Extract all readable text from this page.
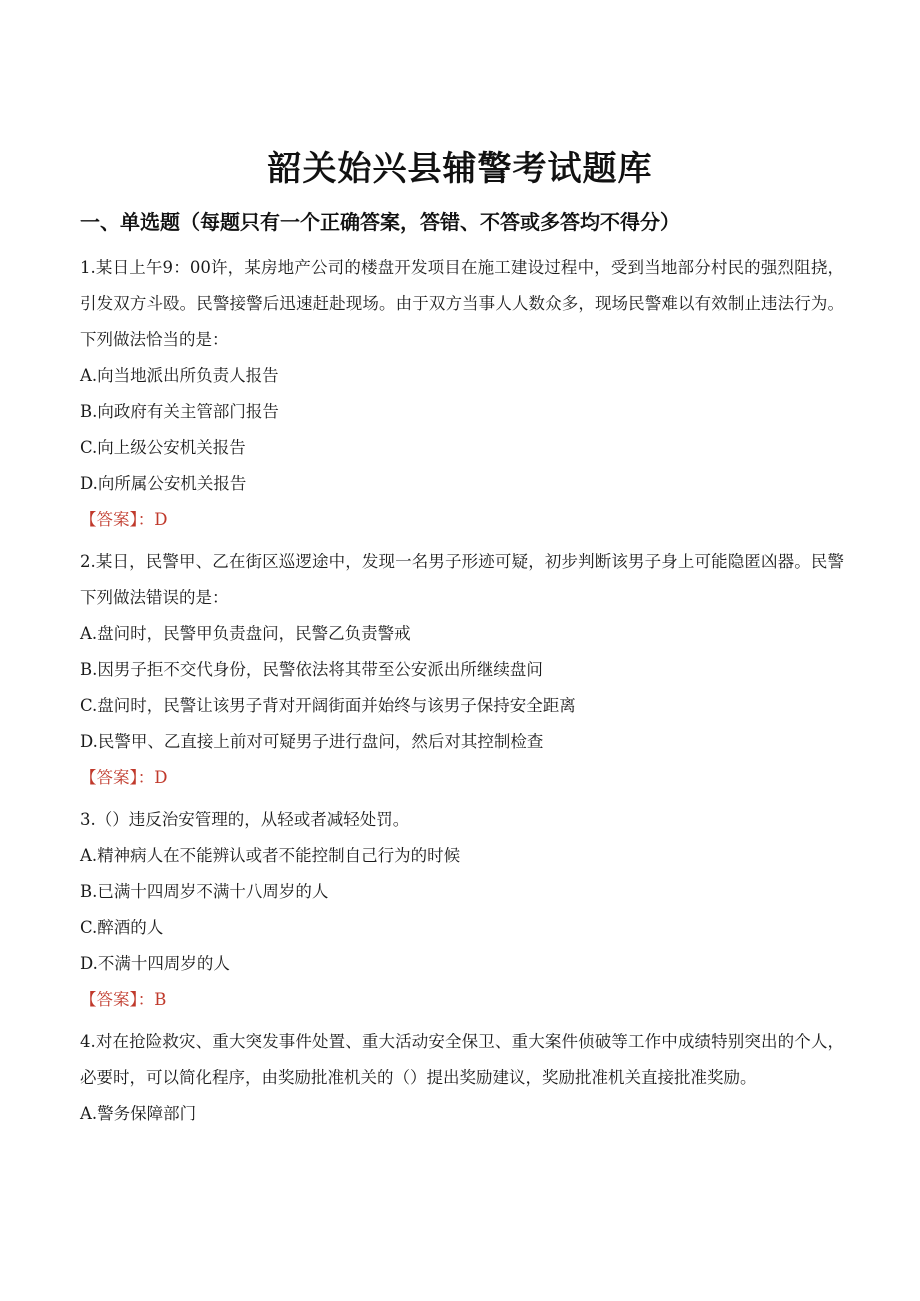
韶关始兴县辅警考试题库
一、单选题（每题只有一个正确答案，答错、不答或多答均不得分）

1.某日上午9：00许，某房地产公司的楼盘开发项目在施工建设过程中，受到当地部分村民的强烈阻挠，引发双方斗殴。民警接警后迅速赶赴现场。由于双方当事人人数众多，现场民警难以有效制止违法行为。下列做法恰当的是：

A.向当地派出所负责人报告

B.向政府有关主管部门报告

C.向上级公安机关报告

D.向所属公安机关报告

【答案】：D

2.某日，民警甲、乙在街区巡逻途中，发现一名男子形迹可疑，初步判断该男子身上可能隐匿凶器。民警下列做法错误的是：

A.盘问时，民警甲负责盘问，民警乙负责警戒

B.因男子拒不交代身份，民警依法将其带至公安派出所继续盘问

C.盘问时，民警让该男子背对开阔街面并始终与该男子保持安全距离

D.民警甲、乙直接上前对可疑男子进行盘问，然后对其控制检查

【答案】：D

3.（）违反治安管理的，从轻或者减轻处罚。

A.精神病人在不能辨认或者不能控制自己行为的时候

B.已满十四周岁不满十八周岁的人

C.醉酒的人

D.不满十四周岁的人

【答案】：B

4.对在抢险救灾、重大突发事件处置、重大活动安全保卫、重大案件侦破等工作中成绩特别突出的个人，必要时，可以简化程序，由奖励批准机关的（）提出奖励建议，奖励批准机关直接批准奖励。

A.警务保障部门
